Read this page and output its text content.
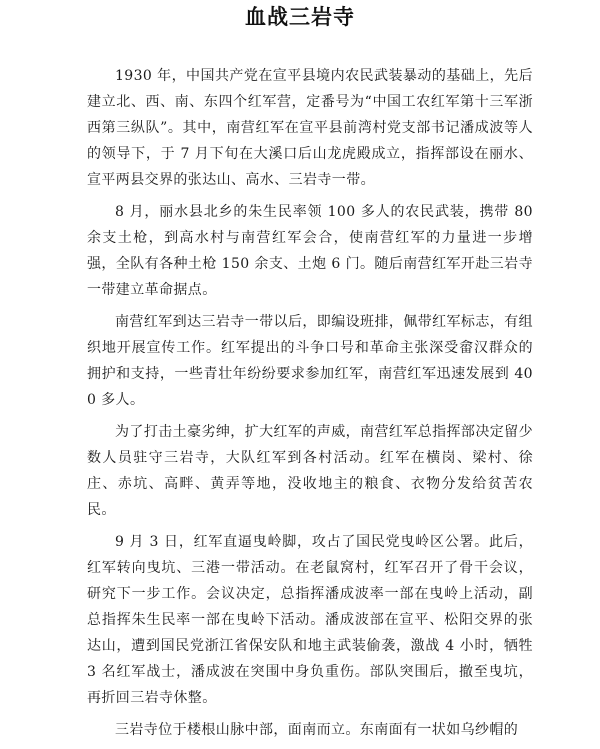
血战三岩寺

1930 年，中国共产党在宣平县境内农民武装暴动的基础上，先后建立北、西、南、东四个红军营，定番号为“中国工农红军第十三军浙西第三纵队”。其中，南营红军在宣平县前湾村党支部书记潘成波等人的领导下，于 7 月下旬在大溪口后山龙虎殿成立，指挥部设在丽水、宣平两县交界的张达山、高水、三岩寺一带。

8 月，丽水县北乡的朱生民率领 100 多人的农民武装，携带 80 余支土枪，到高水村与南营红军会合，使南营红军的力量进一步增强，全队有各种土枪 150 余支、土炮 6 门。随后南营红军开赴三岩寺一带建立革命据点。

南营红军到达三岩寺一带以后，即编设班排，佩带红军标志，有组织地开展宣传工作。红军提出的斗争口号和革命主张深受畲汉群众的拥护和支持，一些青壮年纷纷要求参加红军，南营红军迅速发展到 400 多人。

为了打击土豪劣绅，扩大红军的声威，南营红军总指挥部决定留少数人员驻守三岩寺，大队红军到各村活动。红军在横岗、梁村、徐庄、赤坑、高畔、黄弄等地，没收地主的粮食、衣物分发给贫苦农民。

9 月 3 日，红军直逼曳岭脚，攻占了国民党曳岭区公署。此后，红军转向曳坑、三港一带活动。在老鼠窝村，红军召开了骨干会议，研究下一步工作。会议决定，总指挥潘成波率一部在曳岭上活动，副总指挥朱生民率一部在曳岭下活动。潘成波部在宣平、松阳交界的张达山，遭到国民党浙江省保安队和地主武装偷袭，激战 4 小时，牺牲 3 名红军战士，潘成波在突围中身负重伤。部队突围后，撤至曳坑，再折回三岩寺休整。

三岩寺位于楼根山脉中部，面南而立。东南面有一状如乌纱帽的
